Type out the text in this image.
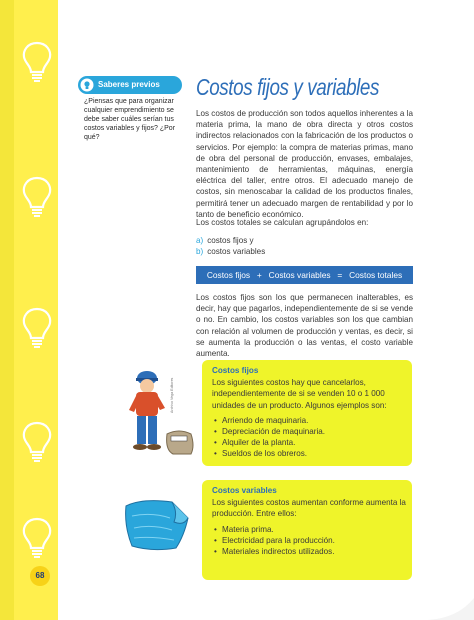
68
Saberes previos
¿Piensas que para organizar cualquier emprendimiento se debe saber cuáles serían tus costos variables y fijos? ¿Por qué?
Costos fijos y variables

Los costos de producción son todos aquellos inherentes a la materia prima, la mano de obra directa y otros costos indirectos relacionados con la fabricación de los productos o servicios. Por ejemplo: la compra de materias primas, mano de obra del personal de producción, envases, embalajes, mantenimiento de herramientas, máquinas, energía eléctrica del taller, entre otros. El adecuado manejo de costos, sin menoscabar la calidad de los productos finales, permitirá tener un adecuado margen de rentabilidad y por lo tanto de beneficio económico.

Los costos totales se calculan agrupándolos en:

a) costos fijos y
b) costos variables
Costos fijos + Costos variables = Costos totales

Los costos fijos son los que permanecen inalterables, es decir, hay que pagarlos, independientemente de si se vende o no. En cambio, los costos variables son los que cambian con relación al volumen de producción y ventas, es decir, si se aumenta la producción o las ventas, el costo variable aumenta.

Archivo Vega Editores
Costos fijos
Los siguientes costos hay que cancelarlos, independientemente de si se venden 10 o 1 000 unidades de un producto. Algunos ejemplos son:
• Arriendo de maquinaria.
• Depreciación de maquinaria.
• Alquiler de la planta.
• Sueldos de los obreros.
Costos variables
Los siguientes costos aumentan conforme aumenta la producción. Entre ellos:
• Materia prima.
• Electricidad para la producción.
• Materiales indirectos utilizados.
